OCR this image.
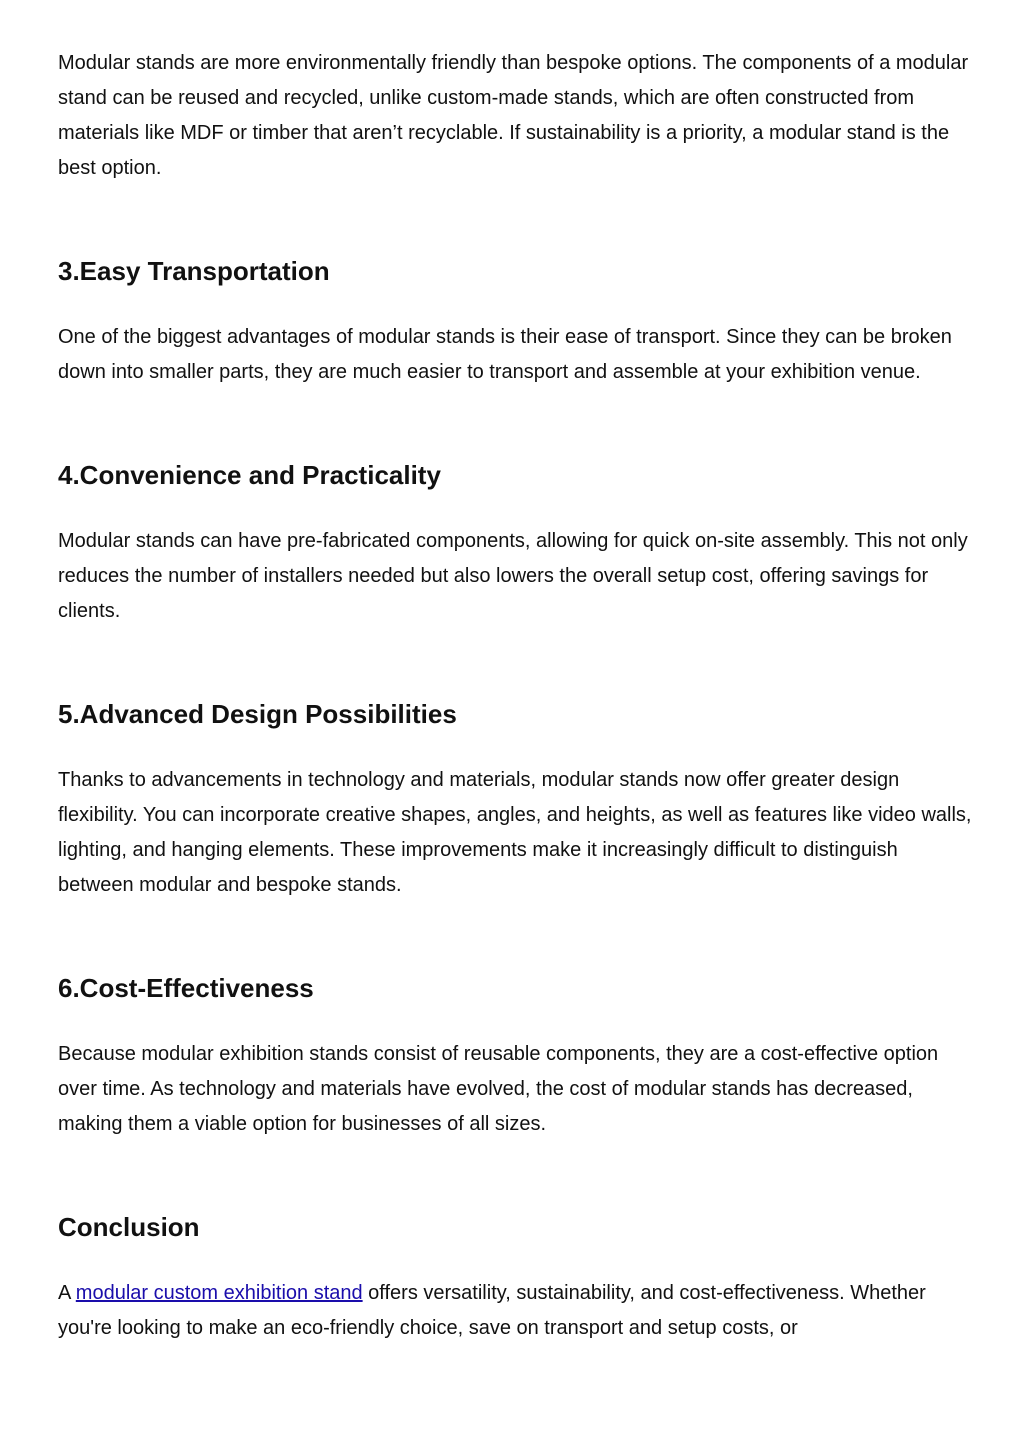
Modular stands are more environmentally friendly than bespoke options. The components of a modular stand can be reused and recycled, unlike custom-made stands, which are often constructed from materials like MDF or timber that aren’t recyclable. If sustainability is a priority, a modular stand is the best option.

3.Easy Transportation

One of the biggest advantages of modular stands is their ease of transport. Since they can be broken down into smaller parts, they are much easier to transport and assemble at your exhibition venue.

4.Convenience and Practicality

Modular stands can have pre-fabricated components, allowing for quick on-site assembly. This not only reduces the number of installers needed but also lowers the overall setup cost, offering savings for clients.

5.Advanced Design Possibilities

Thanks to advancements in technology and materials, modular stands now offer greater design flexibility. You can incorporate creative shapes, angles, and heights, as well as features like video walls, lighting, and hanging elements. These improvements make it increasingly difficult to distinguish between modular and bespoke stands.

6.Cost-Effectiveness

Because modular exhibition stands consist of reusable components, they are a cost-effective option over time. As technology and materials have evolved, the cost of modular stands has decreased, making them a viable option for businesses of all sizes.

Conclusion

A modular custom exhibition stand offers versatility, sustainability, and cost-effectiveness. Whether you're looking to make an eco-friendly choice, save on transport and setup costs, or
